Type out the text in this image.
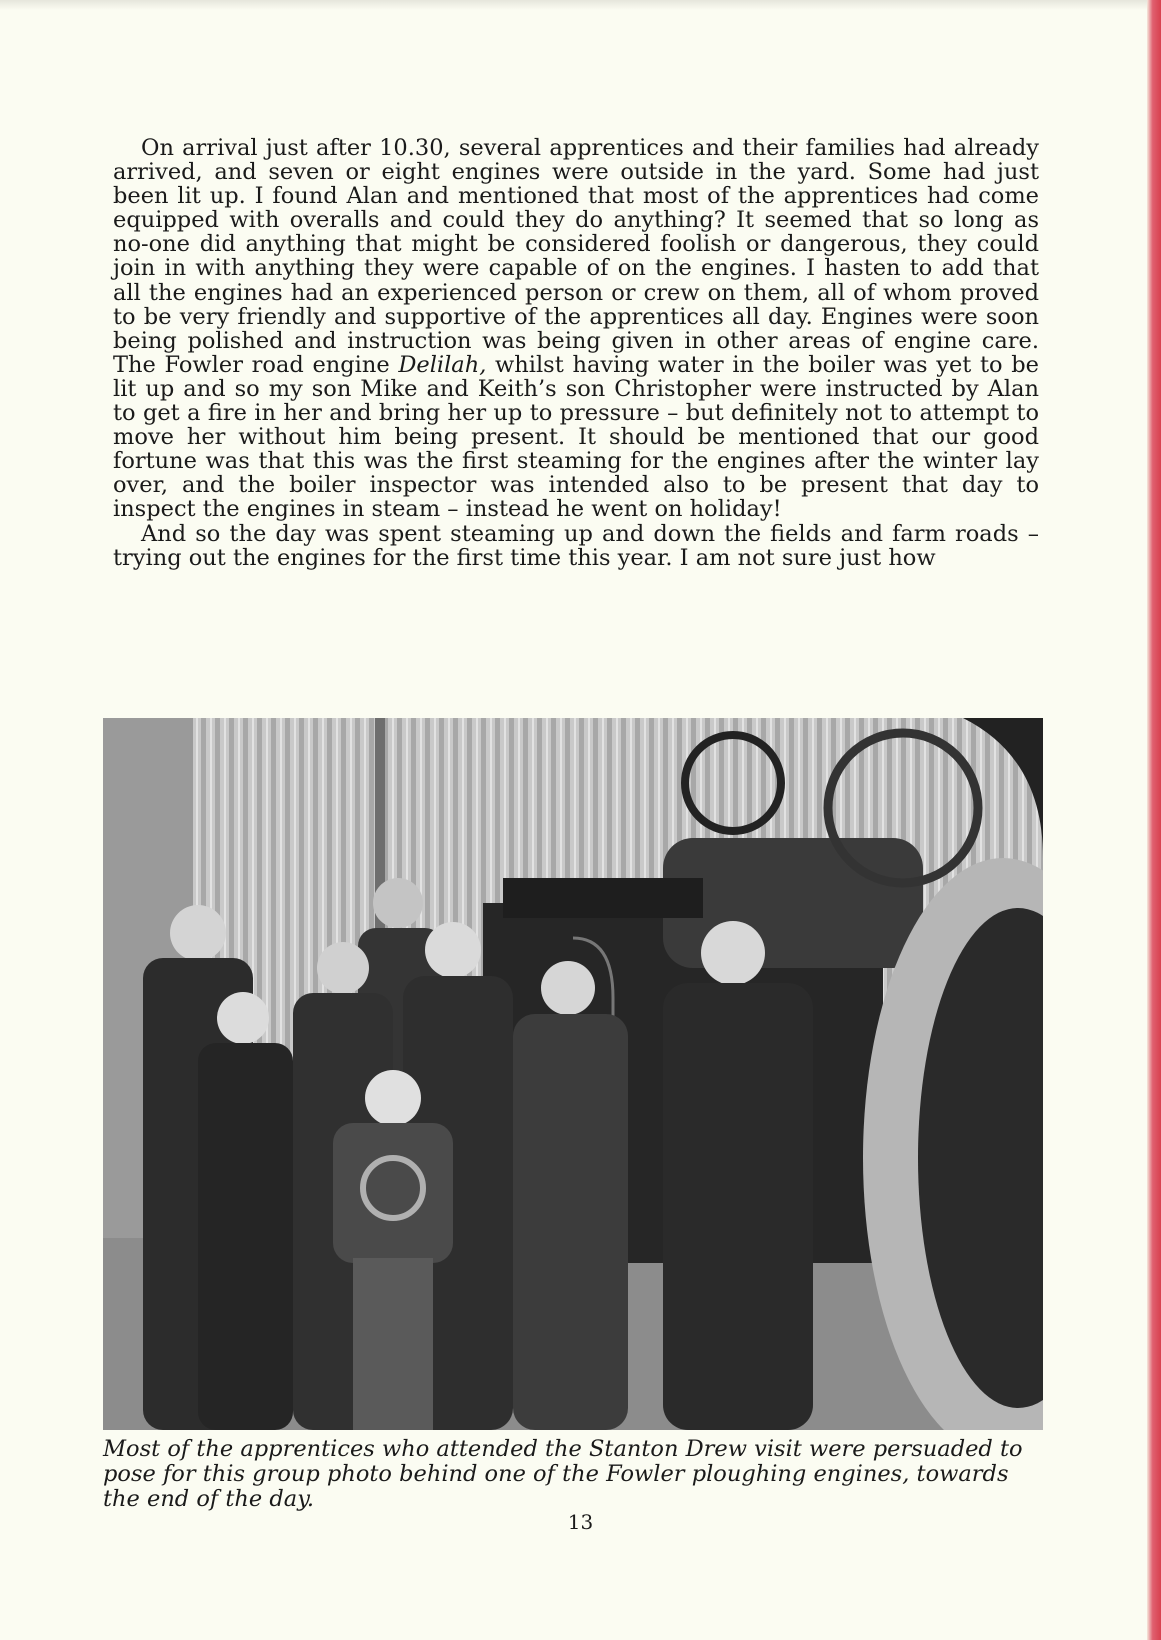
On arrival just after 10.30, several apprentices and their families had already arrived, and seven or eight engines were outside in the yard. Some had just been lit up. I found Alan and mentioned that most of the apprentices had come equipped with overalls and could they do anything? It seemed that so long as no-one did anything that might be considered foolish or dangerous, they could join in with anything they were capable of on the engines. I hasten to add that all the engines had an experienced person or crew on them, all of whom proved to be very friendly and supportive of the apprentices all day. Engines were soon being polished and instruction was being given in other areas of engine care. The Fowler road engine Delilah, whilst having water in the boiler was yet to be lit up and so my son Mike and Keith’s son Christopher were instructed by Alan to get a fire in her and bring her up to pressure – but definitely not to attempt to move her without him being present. It should be mentioned that our good fortune was that this was the first steaming for the engines after the winter lay over, and the boiler inspector was intended also to be present that day to inspect the engines in steam – instead he went on holiday!

And so the day was spent steaming up and down the fields and farm roads – trying out the engines for the first time this year. I am not sure just how

Most of the apprentices who attended the Stanton Drew visit were persuaded to pose for this group photo behind one of the Fowler ploughing engines, towards the end of the day.
13
